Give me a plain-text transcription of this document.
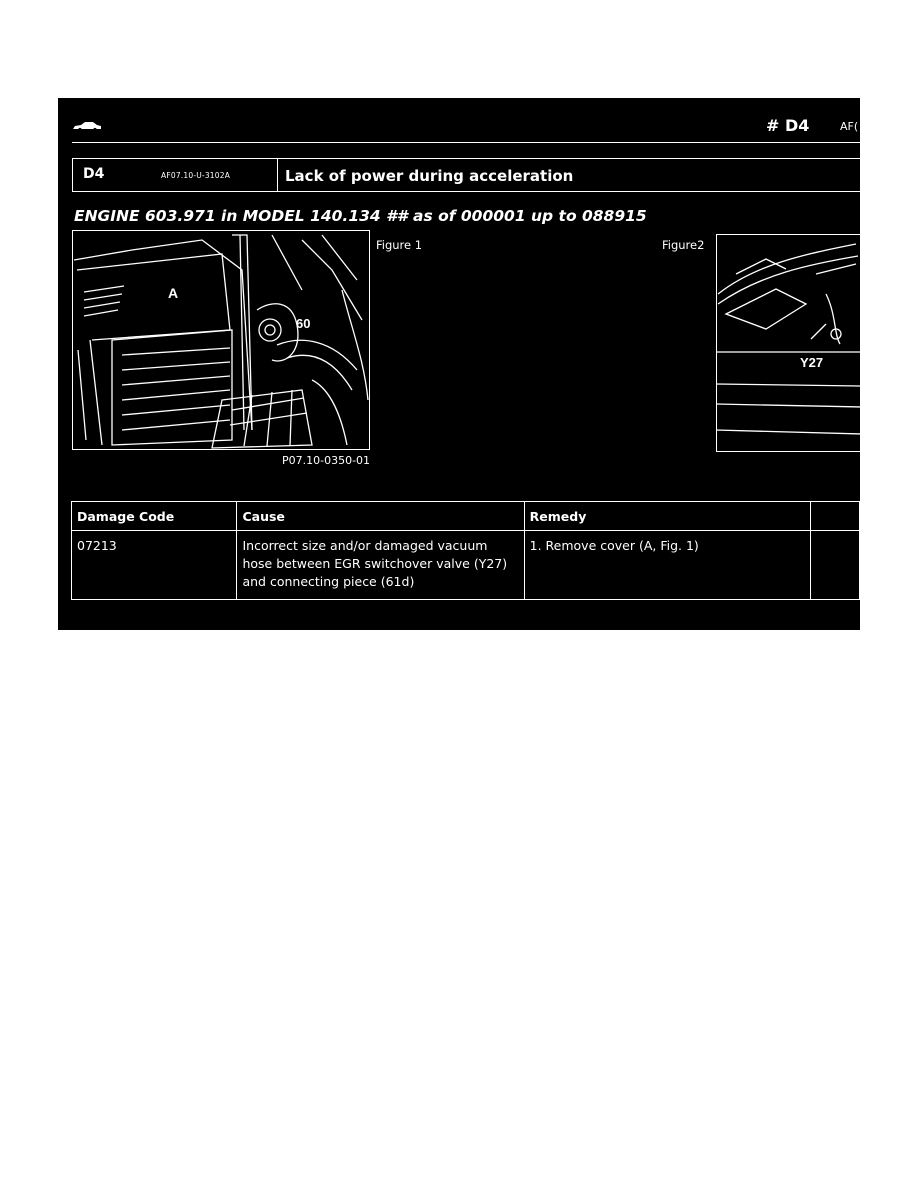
# D4	AF(
D4	AF07.10-U-3102A	Lack of power during acceleration
ENGINE 603.971 in MODEL 140.134 ## as of 000001 up to 088915
A
60
Figure 1
P07.10-0350-01
Figure2
Y27
Damage Code	Cause	Remedy	
07213	Incorrect size and/or damaged vacuum
hose between EGR switchover valve (Y27)
and connecting piece (61d)	1. Remove cover (A, Fig. 1)	
